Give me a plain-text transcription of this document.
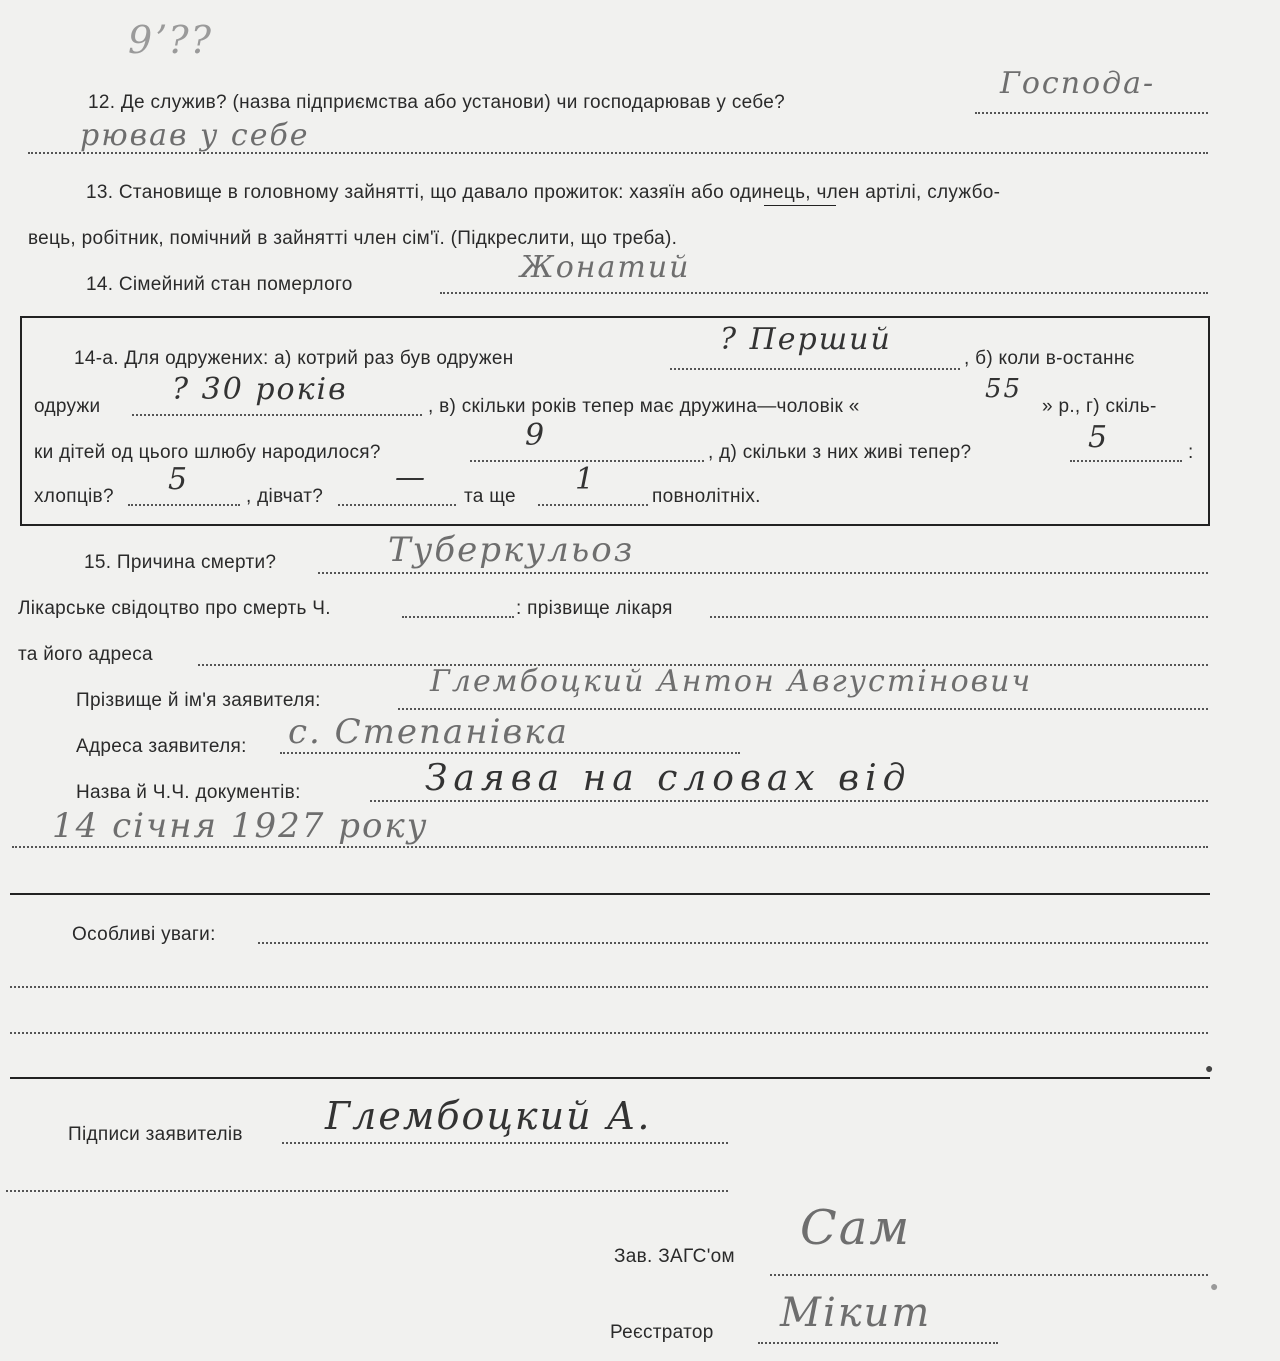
9ʼ??
12. Де служив? (назва підприємства або установи) чи господарював у себе?
Господа-
рював у себе
13. Становище в головному зайнятті, що давало прожиток: хазяїн або одинець, член артілі, службо-
вець, робітник, помічний в зайнятті член сім'ї. (Підкреслити, що треба).
14. Сімейний стан померлого	Жонатий
14-а. Для одружених: а) котрий раз був одружен
? Перший
, б) коли в-останнє
одружи ? 30 років	, в) скільки років тепер має дружина—чоловік «
55
» р., г) скіль-
ки дітей од цього шлюбу народилося?	9	, д) скільки з них живі тепер?	5	:
хлопців? 5	, дівчат?
—
та ще 1	повнолітніх.
15. Причина смерти?	Туберкульоз
Лікарське свідоцтво про смерть Ч.	: прізвище лікаря
та його адреса
Прізвище й ім'я заявителя:
Глембоцкий Антон Августінович
Адреса заявителя: с. Степанівка
Назва й Ч.Ч. документів:	Заява на словах від
14 січня 1927 року
Особливі уваги:
Підписи заявителів Глембоцкий А.
Зав. ЗАГС'ом
Сам
Реєстратор Мікит
●
●
